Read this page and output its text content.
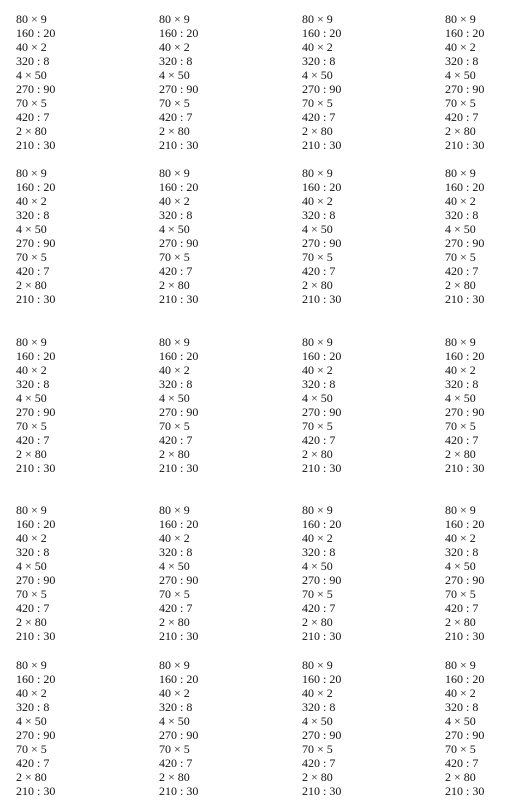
80 × 9
160 : 20
40 × 2
320 : 8
4 × 50
270 : 90
70 × 5
420 : 7
2 × 80
210 : 30
80 × 9
160 : 20
40 × 2
320 : 8
4 × 50
270 : 90
70 × 5
420 : 7
2 × 80
210 : 30
80 × 9
160 : 20
40 × 2
320 : 8
4 × 50
270 : 90
70 × 5
420 : 7
2 × 80
210 : 30
80 × 9
160 : 20
40 × 2
320 : 8
4 × 50
270 : 90
70 × 5
420 : 7
2 × 80
210 : 30
80 × 9
160 : 20
40 × 2
320 : 8
4 × 50
270 : 90
70 × 5
420 : 7
2 × 80
210 : 30
80 × 9
160 : 20
40 × 2
320 : 8
4 × 50
270 : 90
70 × 5
420 : 7
2 × 80
210 : 30
80 × 9
160 : 20
40 × 2
320 : 8
4 × 50
270 : 90
70 × 5
420 : 7
2 × 80
210 : 30
80 × 9
160 : 20
40 × 2
320 : 8
4 × 50
270 : 90
70 × 5
420 : 7
2 × 80
210 : 30
80 × 9
160 : 20
40 × 2
320 : 8
4 × 50
270 : 90
70 × 5
420 : 7
2 × 80
210 : 30
80 × 9
160 : 20
40 × 2
320 : 8
4 × 50
270 : 90
70 × 5
420 : 7
2 × 80
210 : 30
80 × 9
160 : 20
40 × 2
320 : 8
4 × 50
270 : 90
70 × 5
420 : 7
2 × 80
210 : 30
80 × 9
160 : 20
40 × 2
320 : 8
4 × 50
270 : 90
70 × 5
420 : 7
2 × 80
210 : 30
80 × 9
160 : 20
40 × 2
320 : 8
4 × 50
270 : 90
70 × 5
420 : 7
2 × 80
210 : 30
80 × 9
160 : 20
40 × 2
320 : 8
4 × 50
270 : 90
70 × 5
420 : 7
2 × 80
210 : 30
80 × 9
160 : 20
40 × 2
320 : 8
4 × 50
270 : 90
70 × 5
420 : 7
2 × 80
210 : 30
80 × 9
160 : 20
40 × 2
320 : 8
4 × 50
270 : 90
70 × 5
420 : 7
2 × 80
210 : 30
80 × 9
160 : 20
40 × 2
320 : 8
4 × 50
270 : 90
70 × 5
420 : 7
2 × 80
210 : 30
80 × 9
160 : 20
40 × 2
320 : 8
4 × 50
270 : 90
70 × 5
420 : 7
2 × 80
210 : 30
80 × 9
160 : 20
40 × 2
320 : 8
4 × 50
270 : 90
70 × 5
420 : 7
2 × 80
210 : 30
80 × 9
160 : 20
40 × 2
320 : 8
4 × 50
270 : 90
70 × 5
420 : 7
2 × 80
210 : 30
